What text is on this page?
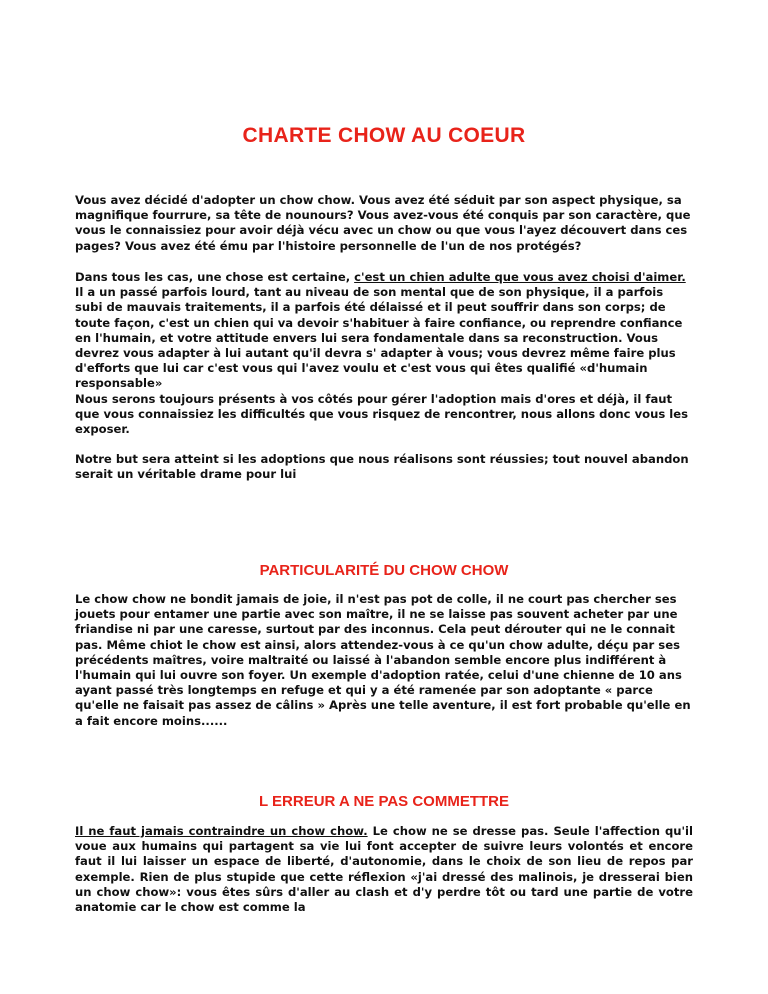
CHARTE CHOW AU COEUR

Vous avez décidé d'adopter un chow chow. Vous avez été séduit par son aspect physique, sa magnifique fourrure, sa tête de nounours? Vous avez-vous été conquis par son caractère, que vous le connaissiez pour avoir déjà vécu avec un chow ou que vous l'ayez découvert dans ces pages? Vous avez été ému par l'histoire personnelle de l'un de nos protégés?

Dans tous les cas, une chose est certaine, c'est un chien adulte que vous avez choisi d'aimer. Il a un passé parfois lourd, tant au niveau de son mental que de son physique, il a parfois subi de mauvais traitements, il a parfois été délaissé et il peut souffrir dans son corps; de toute façon, c'est un chien qui va devoir s'habituer à faire confiance, ou reprendre confiance en l'humain, et votre attitude envers lui sera fondamentale dans sa reconstruction. Vous devrez vous adapter à lui autant qu'il devra s' adapter à vous; vous devrez même faire plus d'efforts que lui car c'est vous qui l'avez voulu et c'est vous qui êtes qualifié «d'humain responsable»
Nous serons toujours présents à vos côtés pour gérer l'adoption mais d'ores et déjà, il faut que vous connaissiez les difficultés que vous risquez de rencontrer, nous allons donc vous les exposer.

Notre but sera atteint si les adoptions que nous réalisons sont réussies; tout nouvel abandon serait un véritable drame pour lui

PARTICULARITÉ DU CHOW CHOW

Le chow chow ne bondit jamais de joie, il n'est pas pot de colle, il ne court pas chercher ses jouets pour entamer une partie avec son maître, il ne se laisse pas souvent acheter par une friandise ni par une caresse, surtout par des inconnus. Cela peut dérouter qui ne le connait pas. Même chiot le chow est ainsi, alors attendez-vous à ce qu'un chow adulte, déçu par ses précédents maîtres, voire maltraité ou laissé à l'abandon semble encore plus indifférent à l'humain qui lui ouvre son foyer. Un exemple d'adoption ratée, celui d'une chienne de 10 ans ayant passé très longtemps en refuge et qui y a été ramenée par son adoptante « parce qu'elle ne faisait pas assez de câlins » Après une telle aventure, il est fort probable qu'elle en a fait encore moins......

L ERREUR A NE PAS COMMETTRE

Il ne faut jamais contraindre un chow chow. Le chow ne se dresse pas. Seule l'affection qu'il voue aux humains qui partagent sa vie lui font accepter de suivre leurs volontés et encore faut il lui laisser un espace de liberté, d'autonomie, dans le choix de son lieu de repos par exemple. Rien de plus stupide que cette réflexion «j'ai dressé des malinois, je dresserai bien un chow chow»: vous êtes sûrs d'aller au clash et d'y perdre tôt ou tard une partie de votre anatomie car le chow est comme la
